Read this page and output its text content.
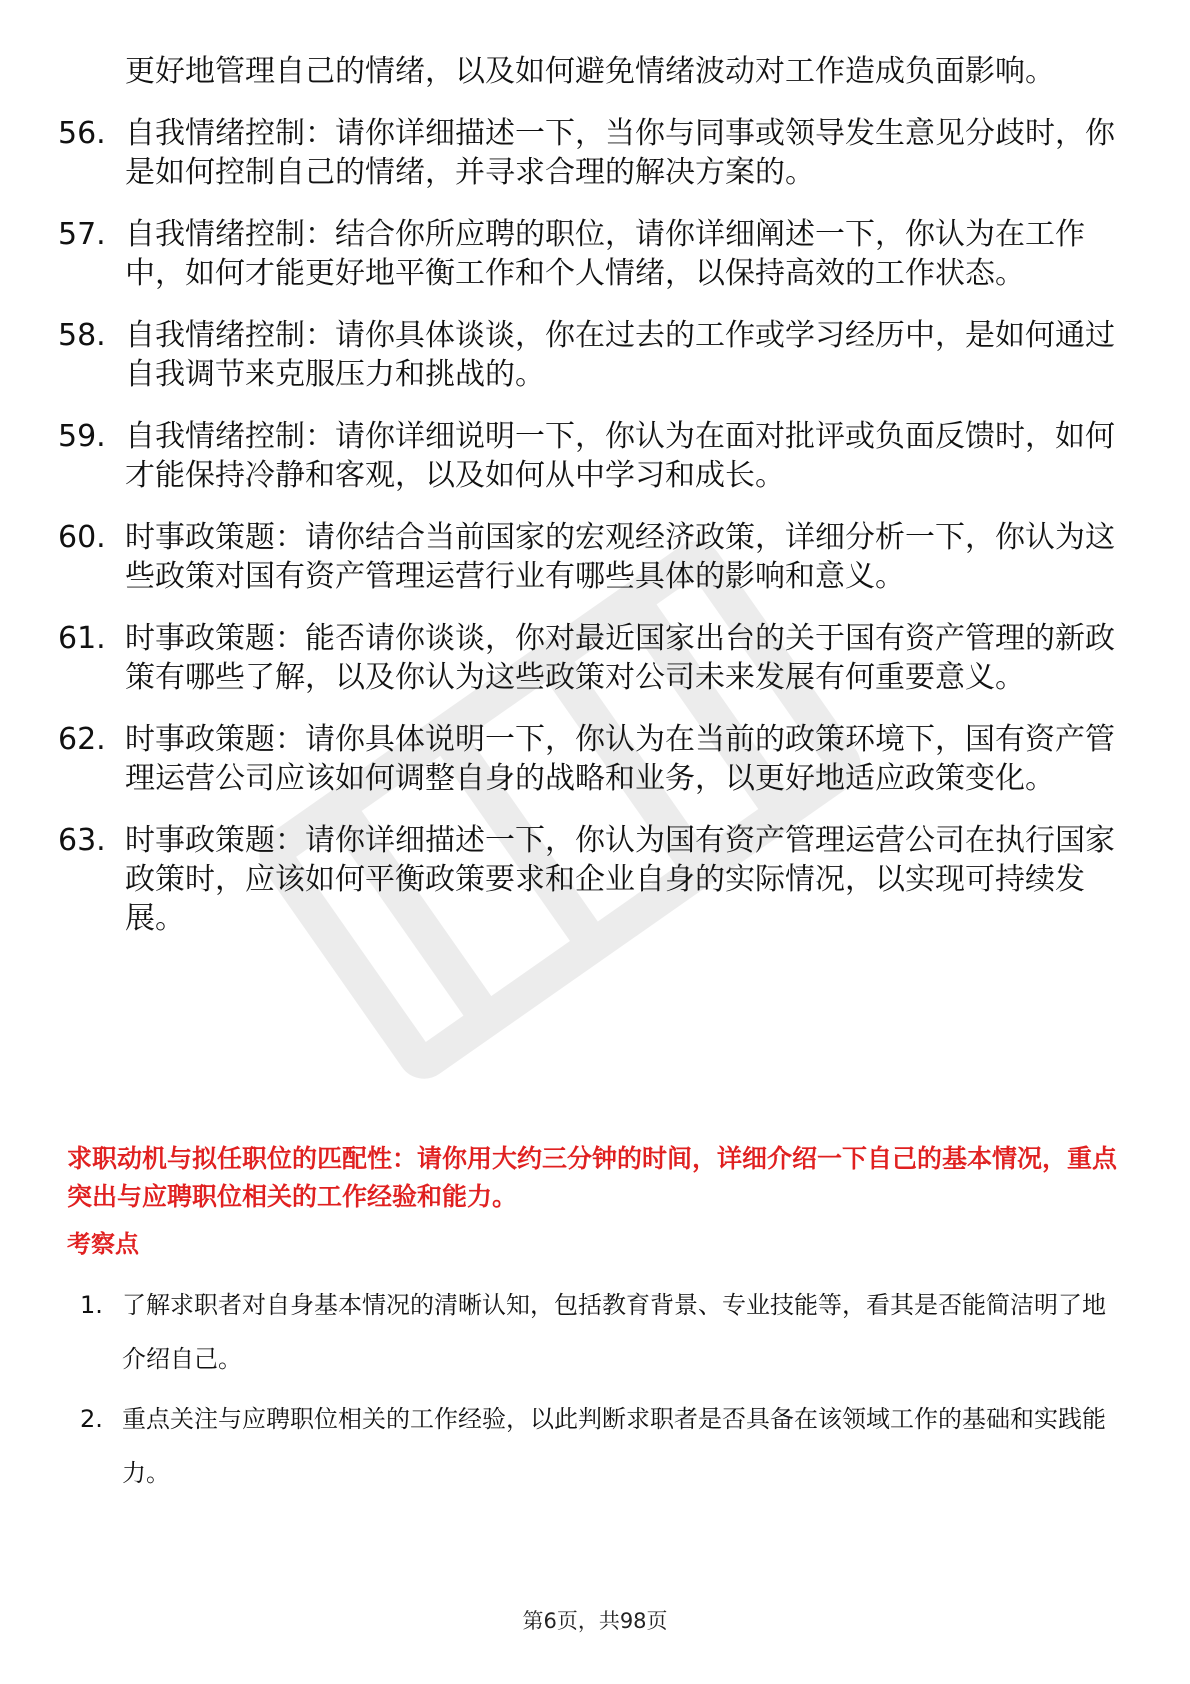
更好地管理自己的情绪，以及如何避免情绪波动对工作造成负面影响。
56. 自我情绪控制：请你详细描述一下，当你与同事或领导发生意见分歧时，你是如何控制自己的情绪，并寻求合理的解决方案的。
57. 自我情绪控制：结合你所应聘的职位，请你详细阐述一下，你认为在工作中，如何才能更好地平衡工作和个人情绪，以保持高效的工作状态。
58. 自我情绪控制：请你具体谈谈，你在过去的工作或学习经历中，是如何通过自我调节来克服压力和挑战的。
59. 自我情绪控制：请你详细说明一下，你认为在面对批评或负面反馈时，如何才能保持冷静和客观，以及如何从中学习和成长。
60. 时事政策题：请你结合当前国家的宏观经济政策，详细分析一下，你认为这些政策对国有资产管理运营行业有哪些具体的影响和意义。
61. 时事政策题：能否请你谈谈，你对最近国家出台的关于国有资产管理的新政策有哪些了解，以及你认为这些政策对公司未来发展有何重要意义。
62. 时事政策题：请你具体说明一下，你认为在当前的政策环境下，国有资产管理运营公司应该如何调整自身的战略和业务，以更好地适应政策变化。
63. 时事政策题：请你详细描述一下，你认为国有资产管理运营公司在执行国家政策时，应该如何平衡政策要求和企业自身的实际情况，以实现可持续发展。
求职动机与拟任职位的匹配性：请你用大约三分钟的时间，详细介绍一下自己的基本情况，重点突出与应聘职位相关的工作经验和能力。
考察点
1. 了解求职者对自身基本情况的清晰认知，包括教育背景、专业技能等，看其是否能简洁明了地介绍自己。
2. 重点关注与应聘职位相关的工作经验，以此判断求职者是否具备在该领域工作的基础和实践能力。
第6页，共98页
